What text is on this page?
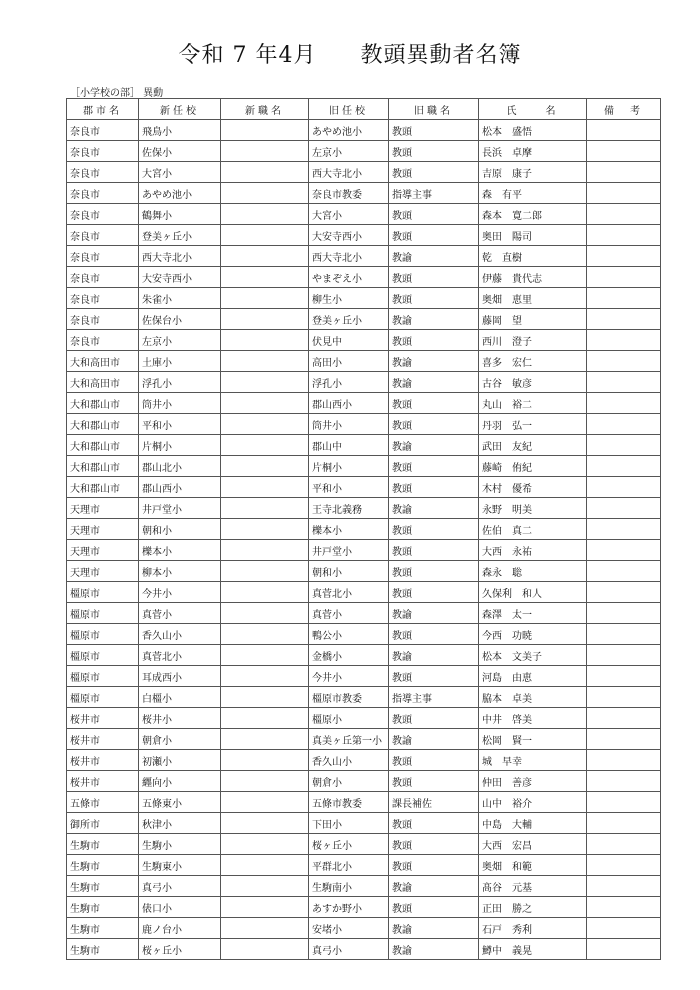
令和 7 年4月 教頭異動者名簿
［小学校の部］ 異動
郡市名	新任校	新職名	旧任校	旧職名	氏　　名	備　考
奈良市	飛鳥小		あやめ池小	教頭	松本　盛悟	
奈良市	佐保小		左京小	教頭	長浜　卓摩	
奈良市	大宮小		西大寺北小	教頭	吉原　康子	
奈良市	あやめ池小		奈良市教委	指導主事	森　有平	
奈良市	鶴舞小		大宮小	教頭	森本　寛二郎	
奈良市	登美ヶ丘小		大安寺西小	教頭	奥田　陽司	
奈良市	西大寺北小		西大寺北小	教諭	乾　直樹	
奈良市	大安寺西小		やまぞえ小	教頭	伊藤　貴代志	
奈良市	朱雀小		柳生小	教頭	奥畑　恵里	
奈良市	佐保台小		登美ヶ丘小	教諭	藤岡　望	
奈良市	左京小		伏見中	教頭	西川　澄子	
大和高田市	土庫小		高田小	教諭	喜多　宏仁	
大和高田市	浮孔小		浮孔小	教諭	古谷　敏彦	
大和郡山市	筒井小		郡山西小	教頭	丸山　裕二	
大和郡山市	平和小		筒井小	教頭	丹羽　弘一	
大和郡山市	片桐小		郡山中	教諭	武田　友紀	
大和郡山市	郡山北小		片桐小	教頭	藤崎　侑紀	
大和郡山市	郡山西小		平和小	教頭	木村　優希	
天理市	井戸堂小		王寺北義務	教諭	永野　明美	
天理市	朝和小		櫟本小	教頭	佐伯　真二	
天理市	櫟本小		井戸堂小	教頭	大西　永祐	
天理市	柳本小		朝和小	教頭	森永　聡	
橿原市	今井小		真菅北小	教頭	久保利　和人	
橿原市	真菅小		真菅小	教諭	森澤　太一	
橿原市	香久山小		鴨公小	教頭	今西　功暁	
橿原市	真菅北小		金橋小	教諭	松本　文美子	
橿原市	耳成西小		今井小	教頭	河島　由恵	
橿原市	白橿小		橿原市教委	指導主事	脇本　卓美	
桜井市	桜井小		橿原小	教頭	中井　啓美	
桜井市	朝倉小		真美ヶ丘第一小	教諭	松岡　賢一	
桜井市	初瀬小		香久山小	教頭	城　早幸	
桜井市	纒向小		朝倉小	教頭	仲田　善彦	
五條市	五條東小		五條市教委	課長補佐	山中　裕介	
御所市	秋津小		下田小	教頭	中島　大輔	
生駒市	生駒小		桜ヶ丘小	教頭	大西　宏昌	
生駒市	生駒東小		平群北小	教頭	奥畑　和範	
生駒市	真弓小		生駒南小	教諭	髙谷　元基	
生駒市	俵口小		あすか野小	教頭	正田　勝之	
生駒市	鹿ノ台小		安堵小	教諭	石戸　秀利	
生駒市	桜ヶ丘小		真弓小	教諭	鱒中　義晃	
